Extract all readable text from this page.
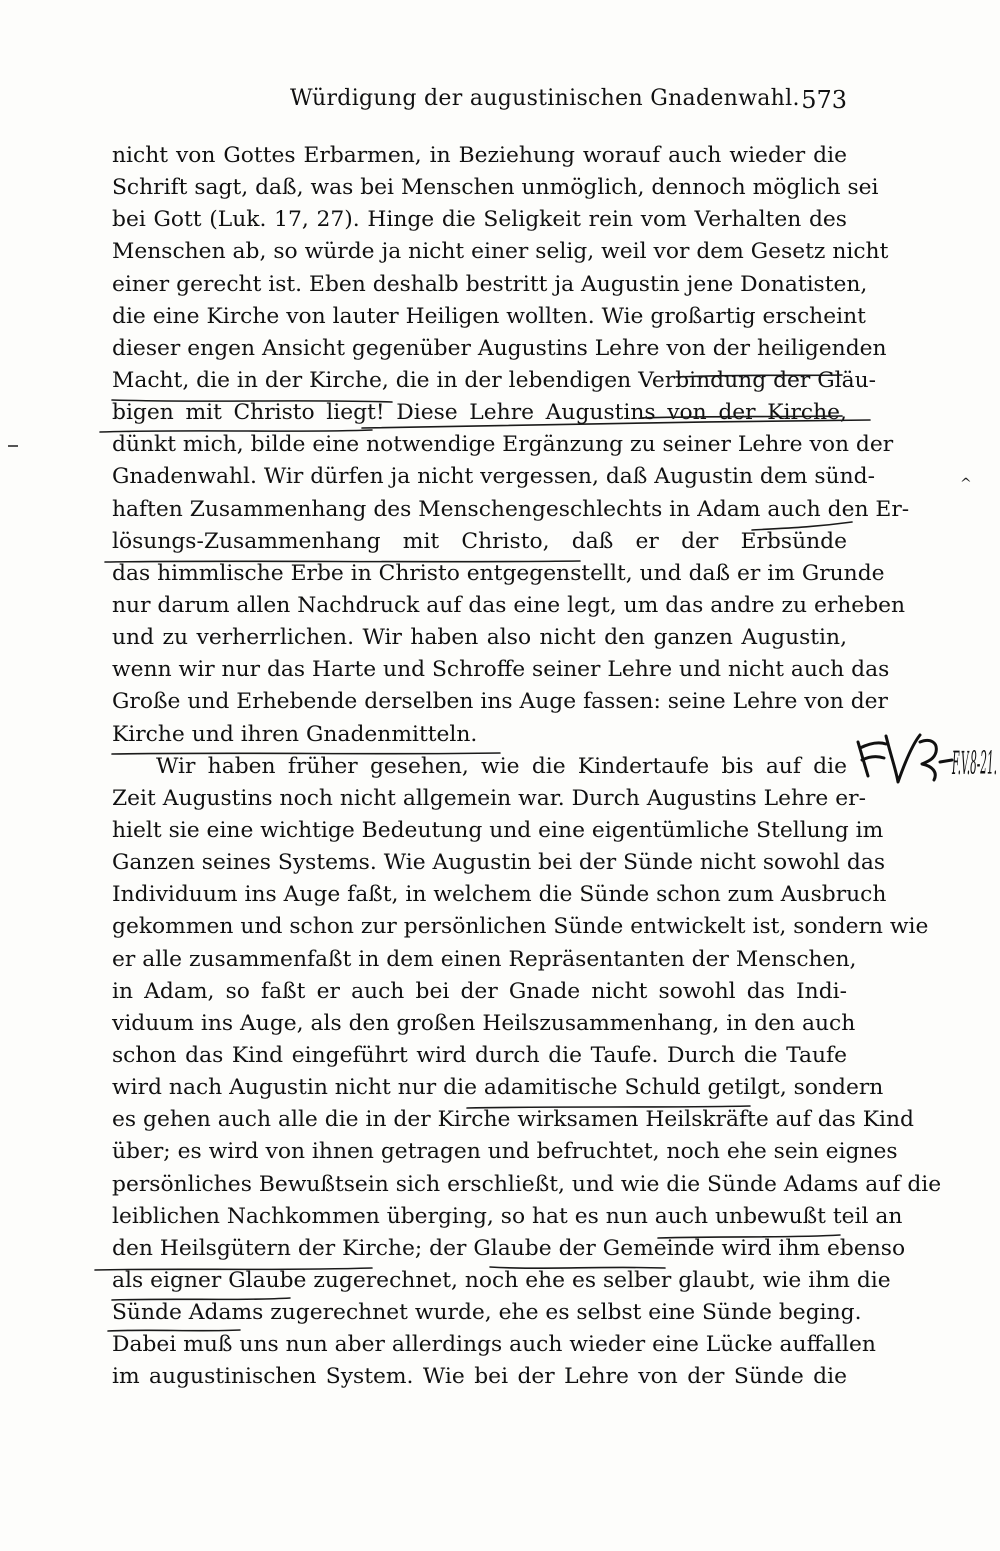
Würdigung der augustinischen Gnadenwahl. 573
nicht von Gottes Erbarmen, in Beziehung worauf auch wieder die
Schrift sagt, daß, was bei Menschen unmöglich, dennoch möglich sei
bei Gott (Luk. 17, 27). Hinge die Seligkeit rein vom Verhalten des
Menschen ab, so würde ja nicht einer selig, weil vor dem Gesetz nicht
einer gerecht ist. Eben deshalb bestritt ja Augustin jene Donatisten,
die eine Kirche von lauter Heiligen wollten. Wie großartig erscheint
dieser engen Ansicht gegenüber Augustins Lehre von der heiligenden
Macht, die in der Kirche, die in der lebendigen Verbindung der Gläu-
bigen mit Christo liegt! Diese Lehre Augustins von der Kirche,
dünkt mich, bilde eine notwendige Ergänzung zu seiner Lehre von der
Gnadenwahl. Wir dürfen ja nicht vergessen, daß Augustin dem sünd-
haften Zusammenhang des Menschengeschlechts in Adam auch den Er-
lösungs-Zusammenhang mit Christo, daß er der Erbsünde
das himmlische Erbe in Christo entgegenstellt, und daß er im Grunde
nur darum allen Nachdruck auf das eine legt, um das andre zu erheben
und zu verherrlichen. Wir haben also nicht den ganzen Augustin,
wenn wir nur das Harte und Schroffe seiner Lehre und nicht auch das
Große und Erhebende derselben ins Auge fassen: seine Lehre von der
Kirche und ihren Gnadenmitteln.
Wir haben früher gesehen, wie die Kindertaufe bis auf die
Zeit Augustins noch nicht allgemein war. Durch Augustins Lehre er-
hielt sie eine wichtige Bedeutung und eine eigentümliche Stellung im
Ganzen seines Systems. Wie Augustin bei der Sünde nicht sowohl das
Individuum ins Auge faßt, in welchem die Sünde schon zum Ausbruch
gekommen und schon zur persönlichen Sünde entwickelt ist, sondern wie
er alle zusammenfaßt in dem einen Repräsentanten der Menschen,
in Adam, so faßt er auch bei der Gnade nicht sowohl das Indi-
viduum ins Auge, als den großen Heilszusammenhang, in den auch
schon das Kind eingeführt wird durch die Taufe. Durch die Taufe
wird nach Augustin nicht nur die adamitische Schuld getilgt, sondern
es gehen auch alle die in der Kirche wirksamen Heilskräfte auf das Kind
über; es wird von ihnen getragen und befruchtet, noch ehe sein eignes
persönliches Bewußtsein sich erschließt, und wie die Sünde Adams auf die
leiblichen Nachkommen überging, so hat es nun auch unbewußt teil an
den Heilsgütern der Kirche; der Glaube der Gemeinde wird ihm ebenso
als eigner Glaube zugerechnet, noch ehe es selber glaubt, wie ihm die
Sünde Adams zugerechnet wurde, ehe es selbst eine Sünde beging.
Dabei muß uns nun aber allerdings auch wieder eine Lücke auffallen
im augustinischen System. Wie bei der Lehre von der Sünde die
F.V.8-21.
^
